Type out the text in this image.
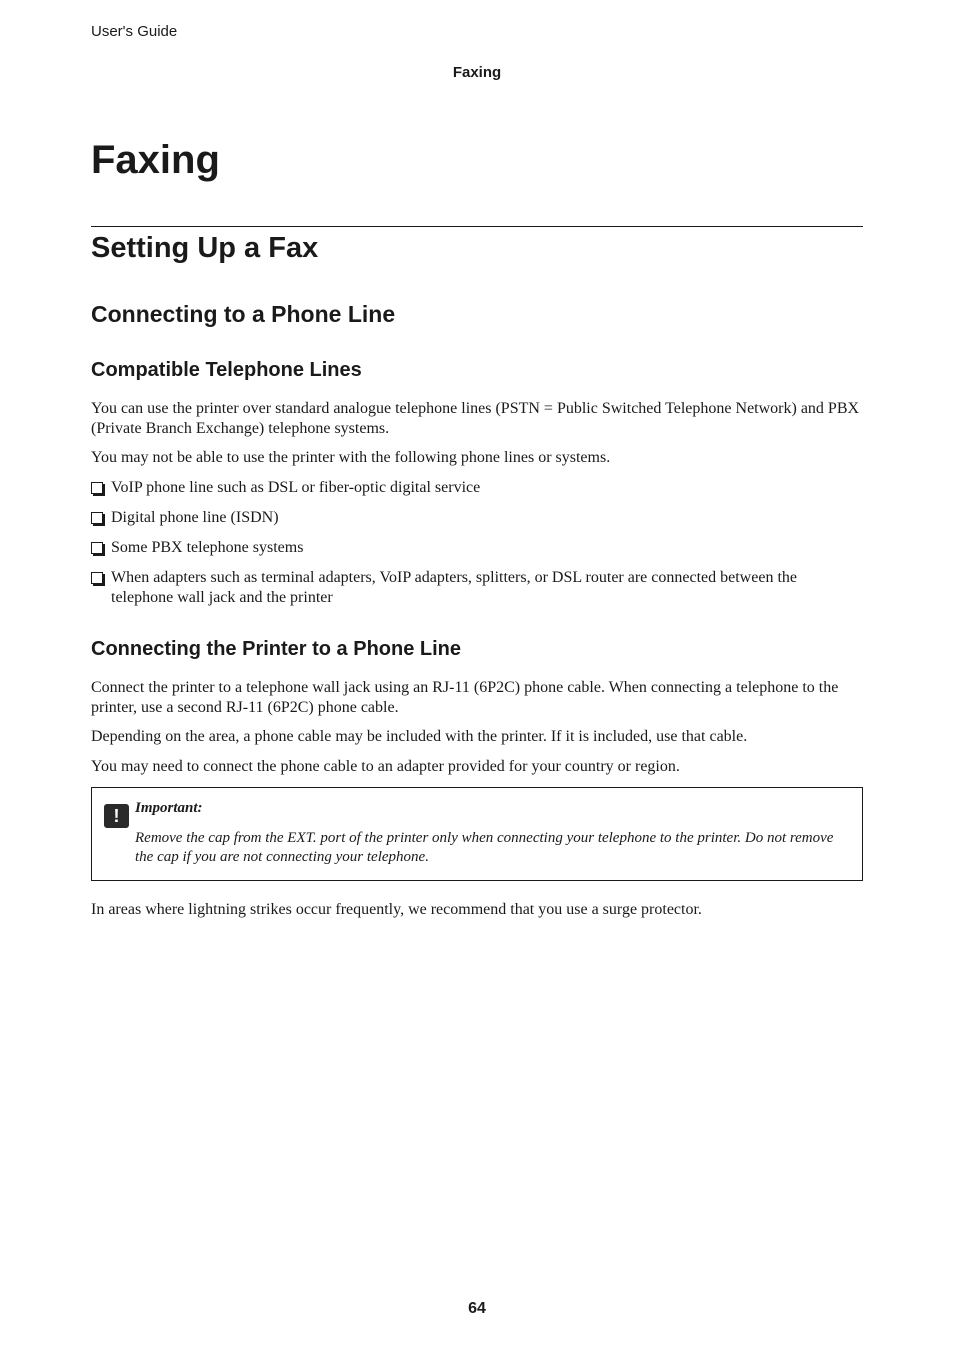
User's Guide
Faxing
Faxing
Setting Up a Fax
Connecting to a Phone Line
Compatible Telephone Lines

You can use the printer over standard analogue telephone lines (PSTN = Public Switched Telephone Network) and PBX (Private Branch Exchange) telephone systems.

You may not be able to use the printer with the following phone lines or systems.

VoIP phone line such as DSL or fiber-optic digital service
Digital phone line (ISDN)
Some PBX telephone systems
When adapters such as terminal adapters, VoIP adapters, splitters, or DSL router are connected between the telephone wall jack and the printer
Connecting the Printer to a Phone Line

Connect the printer to a telephone wall jack using an RJ-11 (6P2C) phone cable. When connecting a telephone to the printer, use a second RJ-11 (6P2C) phone cable.

Depending on the area, a phone cable may be included with the printer. If it is included, use that cable.

You may need to connect the phone cable to an adapter provided for your country or region.

!	Important:
Remove the cap from the EXT. port of the printer only when connecting your telephone to the printer. Do not remove the cap if you are not connecting your telephone.

In areas where lightning strikes occur frequently, we recommend that you use a surge protector.

64
